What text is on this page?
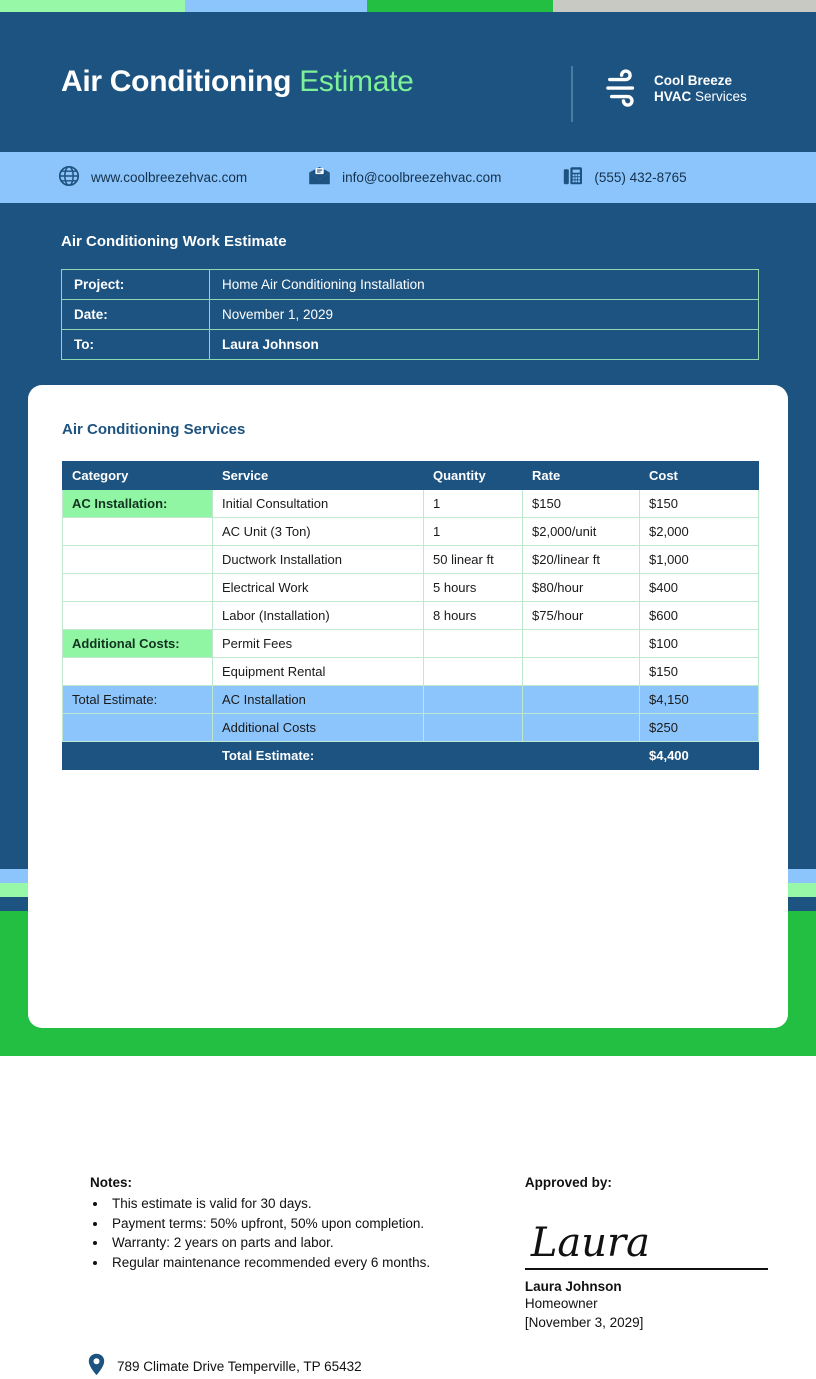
Air Conditioning Estimate	Cool Breeze
HVAC Services
www.coolbreezehvac.com	info@coolbreezehvac.com	(555) 432-8765
Air Conditioning Work Estimate
Project:	Home Air Conditioning Installation
Date:	November 1, 2029
To:	Laura Johnson
Air Conditioning Services
Category	Service	Quantity	Rate	Cost
AC Installation:	Initial Consultation	1	$150	$150
	AC Unit (3 Ton)	1	$2,000/unit	$2,000
	Ductwork Installation	50 linear ft	$20/linear ft	$1,000
	Electrical Work	5 hours	$80/hour	$400
	Labor (Installation)	8 hours	$75/hour	$600
Additional Costs:	Permit Fees			$100
	Equipment Rental			$150
Total Estimate:	AC Installation			$4,150
	Additional Costs			$250
	Total Estimate:			$4,400
Notes:
• This estimate is valid for 30 days.
• Payment terms: 50% upfront, 50% upon completion.
• Warranty: 2 years on parts and labor.
• Regular maintenance recommended every 6 months.
Approved by:
Laura
Laura Johnson
Homeowner
[November 3, 2029]
789 Climate Drive Temperville, TP 65432
